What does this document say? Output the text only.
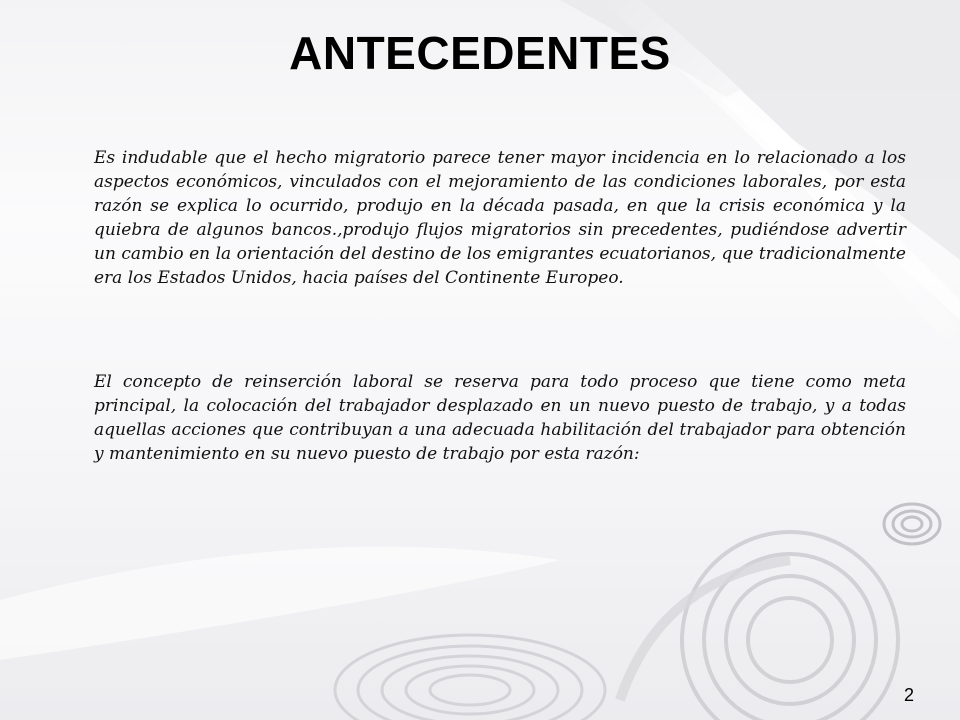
ANTECEDENTES

Es indudable que el hecho migratorio parece tener mayor incidencia en lo relacionado a los aspectos económicos, vinculados con el mejoramiento de las condiciones laborales, por esta razón se explica lo ocurrido, produjo en la década pasada, en que la crisis económica y la quiebra de algunos bancos.,produjo flujos migratorios sin precedentes, pudiéndose advertir un cambio en la orientación del destino de los emigrantes ecuatorianos, que tradicionalmente era los Estados Unidos, hacia países del Continente Europeo.

El concepto de reinserción laboral se reserva para todo proceso que tiene como meta principal, la colocación del trabajador desplazado en un nuevo puesto de trabajo, y a todas aquellas acciones que contribuyan a una adecuada habilitación del trabajador para obtención y mantenimiento en su nuevo puesto de trabajo por esta razón:

2
